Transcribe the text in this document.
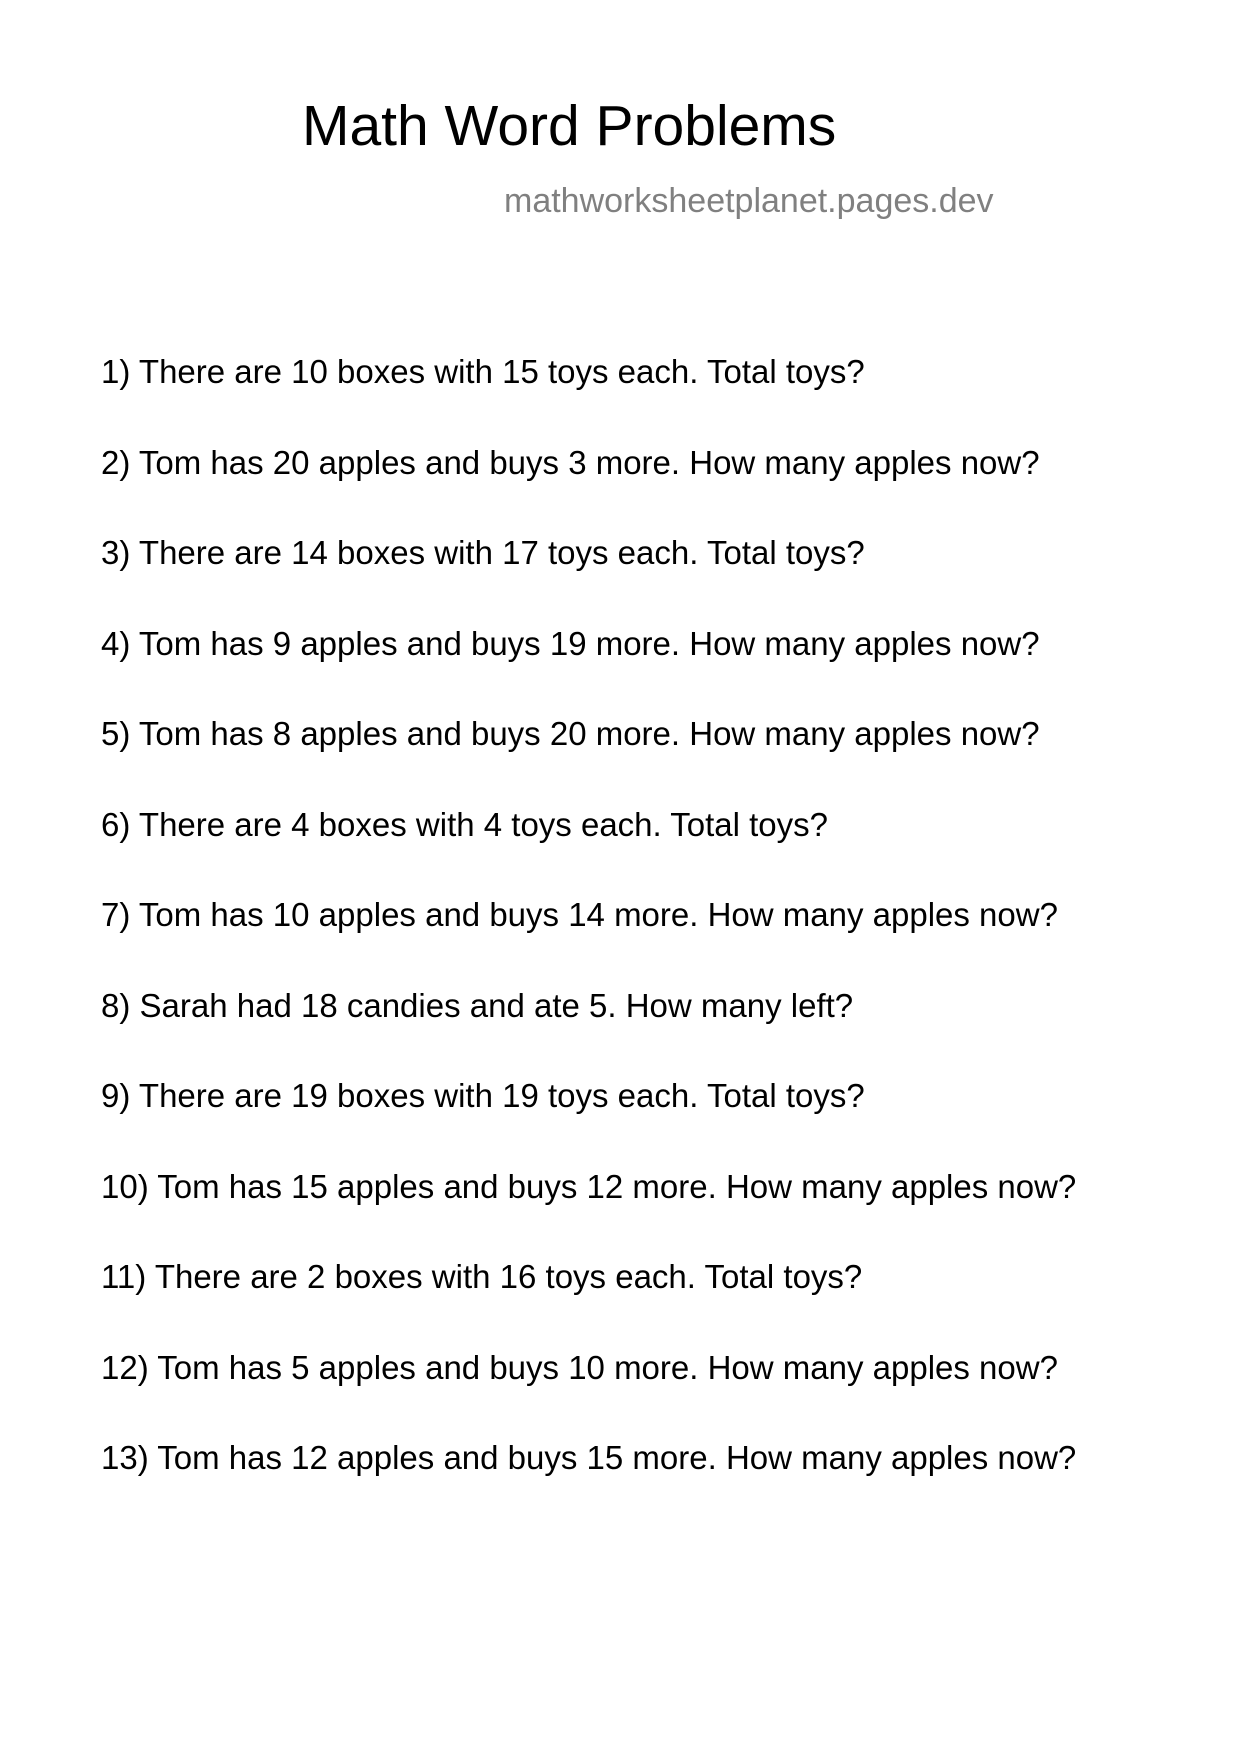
Math Word Problems
mathworksheetplanet.pages.dev
1) There are 10 boxes with 15 toys each. Total toys?
2) Tom has 20 apples and buys 3 more. How many apples now?
3) There are 14 boxes with 17 toys each. Total toys?
4) Tom has 9 apples and buys 19 more. How many apples now?
5) Tom has 8 apples and buys 20 more. How many apples now?
6) There are 4 boxes with 4 toys each. Total toys?
7) Tom has 10 apples and buys 14 more. How many apples now?
8) Sarah had 18 candies and ate 5. How many left?
9) There are 19 boxes with 19 toys each. Total toys?
10) Tom has 15 apples and buys 12 more. How many apples now?
11) There are 2 boxes with 16 toys each. Total toys?
12) Tom has 5 apples and buys 10 more. How many apples now?
13) Tom has 12 apples and buys 15 more. How many apples now?
